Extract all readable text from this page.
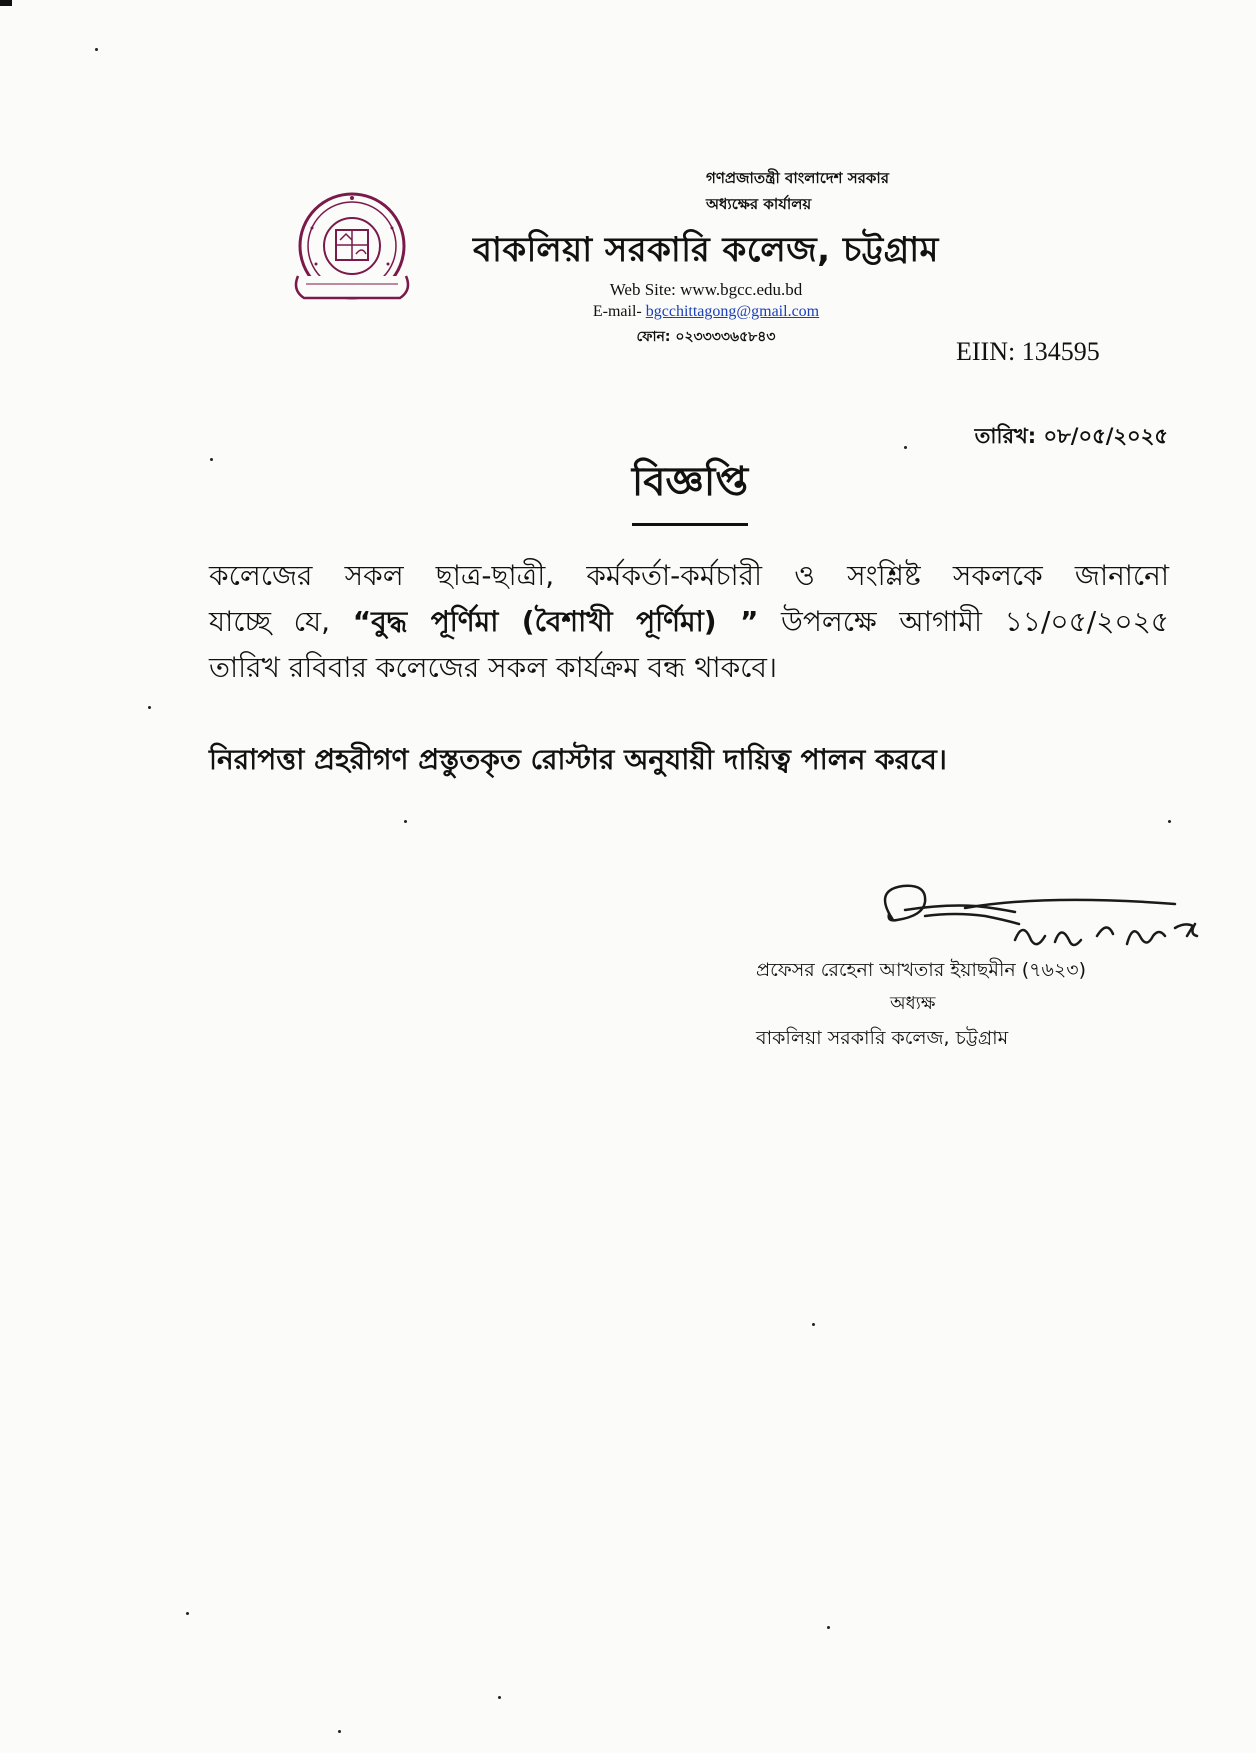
গণপ্রজাতন্ত্রী বাংলাদেশ সরকার
অধ্যক্ষের কার্যালয়
বাকলিয়া সরকারি কলেজ, চট্টগ্রাম
Web Site: www.bgcc.edu.bd
E-mail- bgcchittagong@gmail.com
ফোন: ০২৩৩৩৩৬৫৮৪৩	EIIN: 134595
তারিখ: ০৮/০৫/২০২৫
বিজ্ঞপ্তি
কলেজের সকল ছাত্র-ছাত্রী, কর্মকর্তা-কর্মচারী ও সংশ্লিষ্ট সকলকে জানানো
যাচ্ছে যে, “বুদ্ধ পূর্ণিমা (বৈশাখী পূর্ণিমা) ” উপলক্ষে আগামী ১১/০৫/২০২৫
তারিখ রবিবার কলেজের সকল কার্যক্রম বন্ধ থাকবে।
নিরাপত্তা প্রহরীগণ প্রস্তুতকৃত রোস্টার অনুযায়ী দায়িত্ব পালন করবে।
প্রফেসর রেহেনা আখতার ইয়াছমীন (৭৬২৩)
অধ্যক্ষ
বাকলিয়া সরকারি কলেজ, চট্টগ্রাম
